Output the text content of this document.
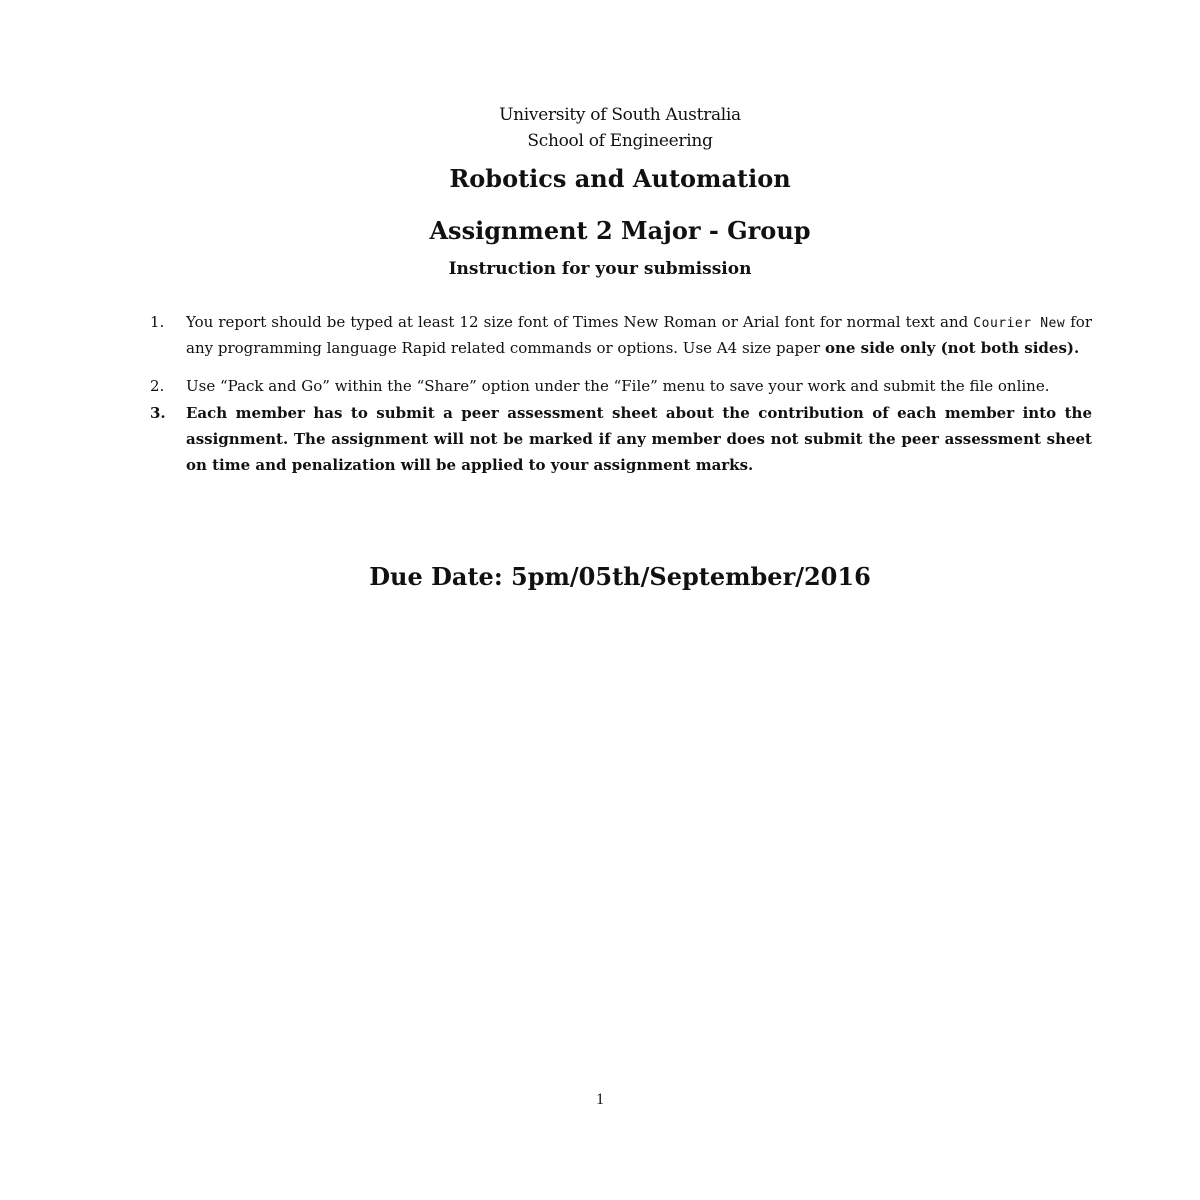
University of South Australia
School of Engineering
Robotics and Automation
Assignment 2 Major - Group
Instruction for your submission
1. You report should be typed at least 12 size font of Times New Roman or Arial font for normal text and Courier New for any programming language Rapid related commands or options. Use A4 size paper one side only (not both sides).
2. Use “Pack and Go” within the “Share” option under the “File” menu to save your work and submit the file online.
3. Each member has to submit a peer assessment sheet about the contribution of each member into the assignment. The assignment will not be marked if any member does not submit the peer assessment sheet on time and penalization will be applied to your assignment marks.
Due Date: 5pm/05th/September/2016
1
